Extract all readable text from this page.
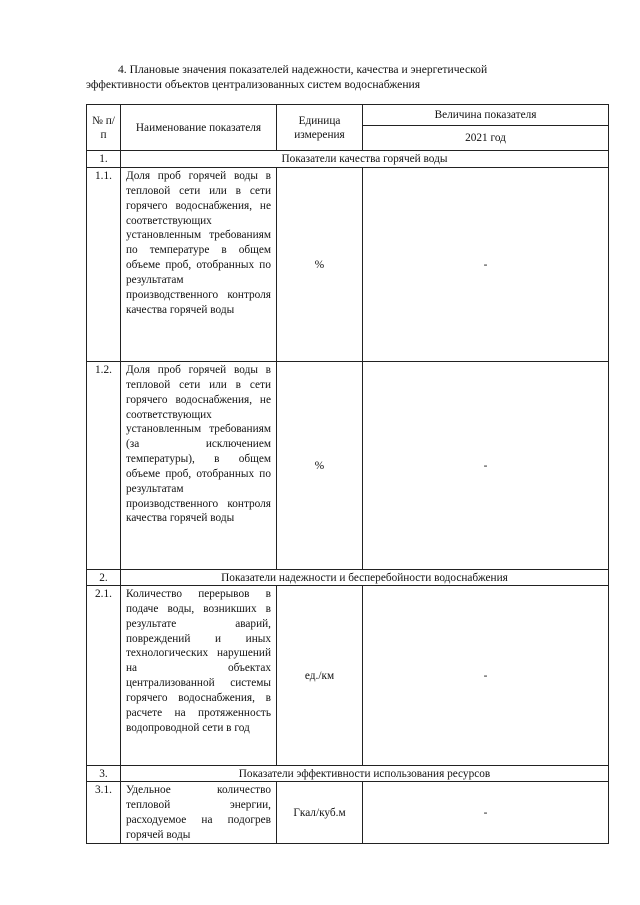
4. Плановые значения показателей надежности, качества и энергетической
эффективности объектов централизованных систем водоснабжения
№ п/п	Наименование показателя	Единица измерения	Величина показателя
			2021 год
1.	Показатели качества горячей воды		
1.1.	Доля проб горячей воды в тепловой сети или в сети горячего водоснабжения, не соответствующих установленным требованиям по температуре в общем объеме проб, отобранных по результатам производственного контроля качества горячей воды	%	-
1.2.	Доля проб горячей воды в тепловой сети или в сети горячего водоснабжения, не соответствующих установленным требованиям (за исключением температуры), в общем объеме проб, отобранных по результатам производственного контроля качества горячей воды	%	-
2.	Показатели надежности и бесперебойности водоснабжения		
2.1.	Количество перерывов в подаче воды, возникших в результате аварий, повреждений и иных технологических нарушений на объектах централизованной системы горячего водоснабжения, в расчете на протяженность водопроводной сети в год	ед./км	-
3.	Показатели эффективности использования ресурсов		
3.1.	Удельное количество тепловой энергии, расходуемое на подогрев горячей воды	Гкал/куб.м	-
